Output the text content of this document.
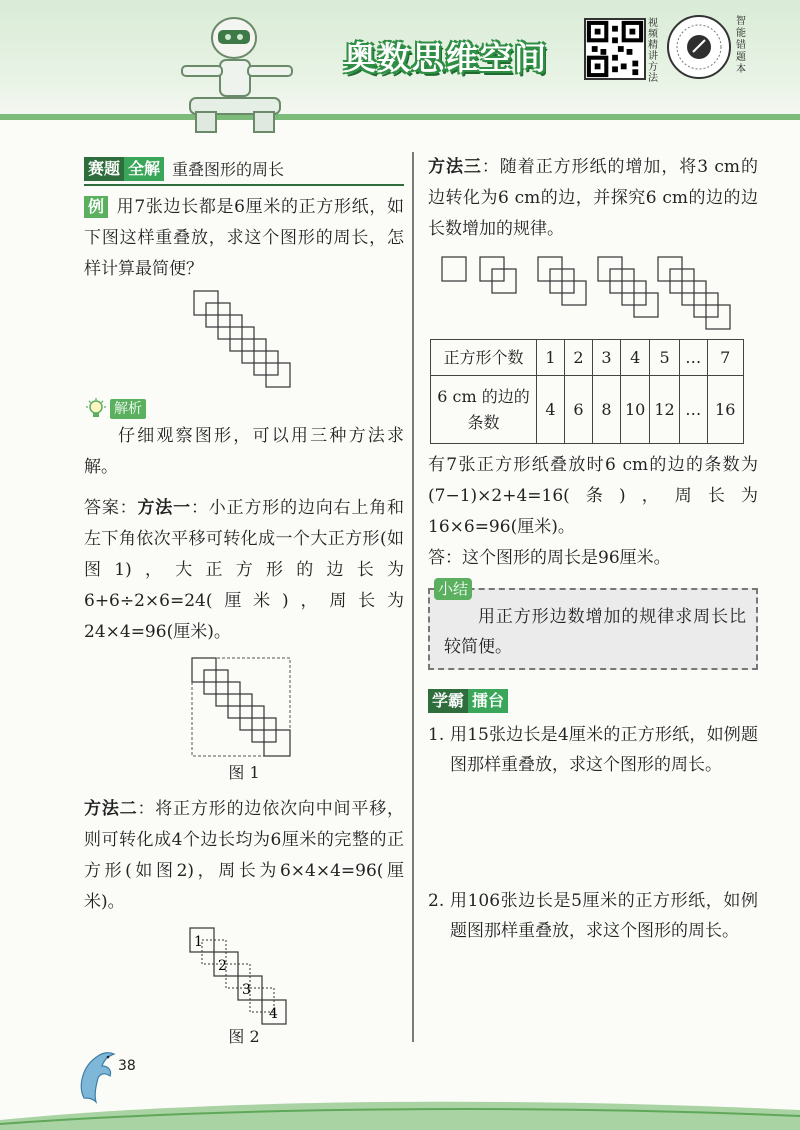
奥数思维空间
视频精讲方法
智能错题本
赛题 全解 重叠图形的周长
例 用7张边长都是6厘米的正方形纸，如下图这样重叠放，求这个图形的周长，怎样计算最简便？
解析
仔细观察图形，可以用三种方法求解。
答案：方法一：小正方形的边向右上角和左下角依次平移可转化成一个大正方形(如图1)，大正方形的边长为6+6÷2×6=24(厘米)，周长为24×4=96(厘米)。
图 1
方法二：将正方形的边依次向中间平移，则可转化成4个边长均为6厘米的完整的正方形(如图2)，周长为6×4×4=96(厘米)。
1
2
3
4
图 2
方法三：随着正方形纸的增加，将3 cm的边转化为6 cm的边，并探究6 cm的边的边长数增加的规律。
正方形个数	1	2	3	4	5	…	7
6 cm 的边的条数	4	6	8	10	12	…	16
有7张正方形纸叠放时6 cm的边的条数为(7−1)×2+4=16(条)，周长为16×6=96(厘米)。
答：这个图形的周长是96厘米。
小结
用正方形边数增加的规律求周长比较简便。
学霸 擂台
1. 用15张边长是4厘米的正方形纸，如例题图那样重叠放，求这个图形的周长。
2. 用106张边长是5厘米的正方形纸，如例题图那样重叠放，求这个图形的周长。
38
